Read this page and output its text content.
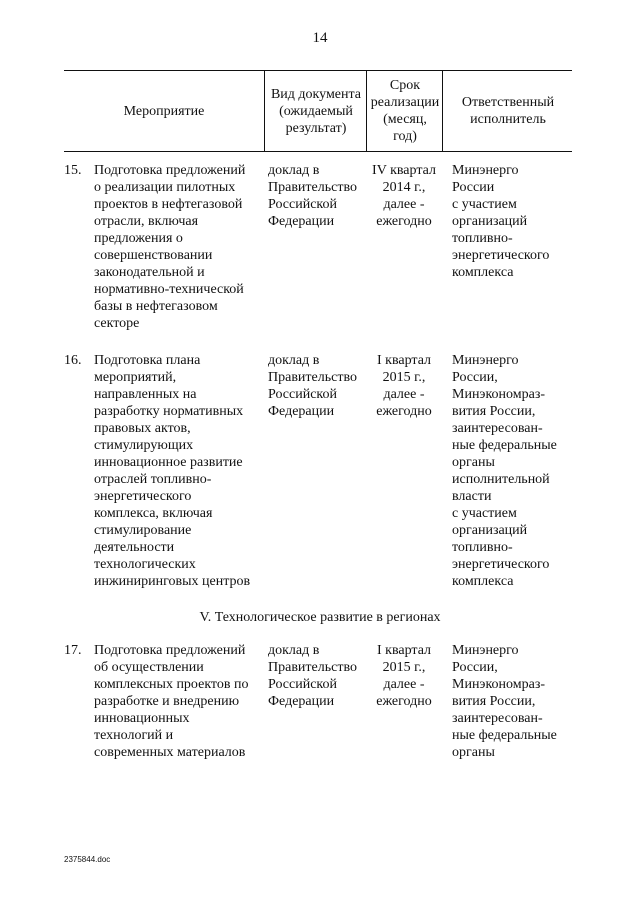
14
Мероприятие
Вид документа
(ожидаемый
результат)
Срок
реализации
(месяц,
год)
Ответственный
исполнитель
15. Подготовка предложений
о реализации пилотных
проектов в нефтегазовой
отрасли, включая
предложения о
совершенствовании
законодательной и
нормативно-технической
базы в нефтегазовом
секторе
доклад в
Правительство
Российской
Федерации
IV квартал
2014 г.,
далее -
ежегодно
Минэнерго
России
с участием
организаций
топливно-
энергетического
комплекса
16. Подготовка плана
мероприятий,
направленных на
разработку нормативных
правовых актов,
стимулирующих
инновационное развитие
отраслей топливно-
энергетического
комплекса, включая
стимулирование
деятельности
технологических
инжиниринговых центров
доклад в
Правительство
Российской
Федерации
I квартал
2015 г.,
далее -
ежегодно
Минэнерго
России,
Минэкономраз-
вития России,
заинтересован-
ные федеральные
органы
исполнительной
власти
с участием
организаций
топливно-
энергетического
комплекса
V. Технологическое развитие в регионах
17. Подготовка предложений
об осуществлении
комплексных проектов по
разработке и внедрению
инновационных
технологий и
современных материалов
доклад в
Правительство
Российской
Федерации
I квартал
2015 г.,
далее -
ежегодно
Минэнерго
России,
Минэкономраз-
вития России,
заинтересован-
ные федеральные
органы
2375844.doc
